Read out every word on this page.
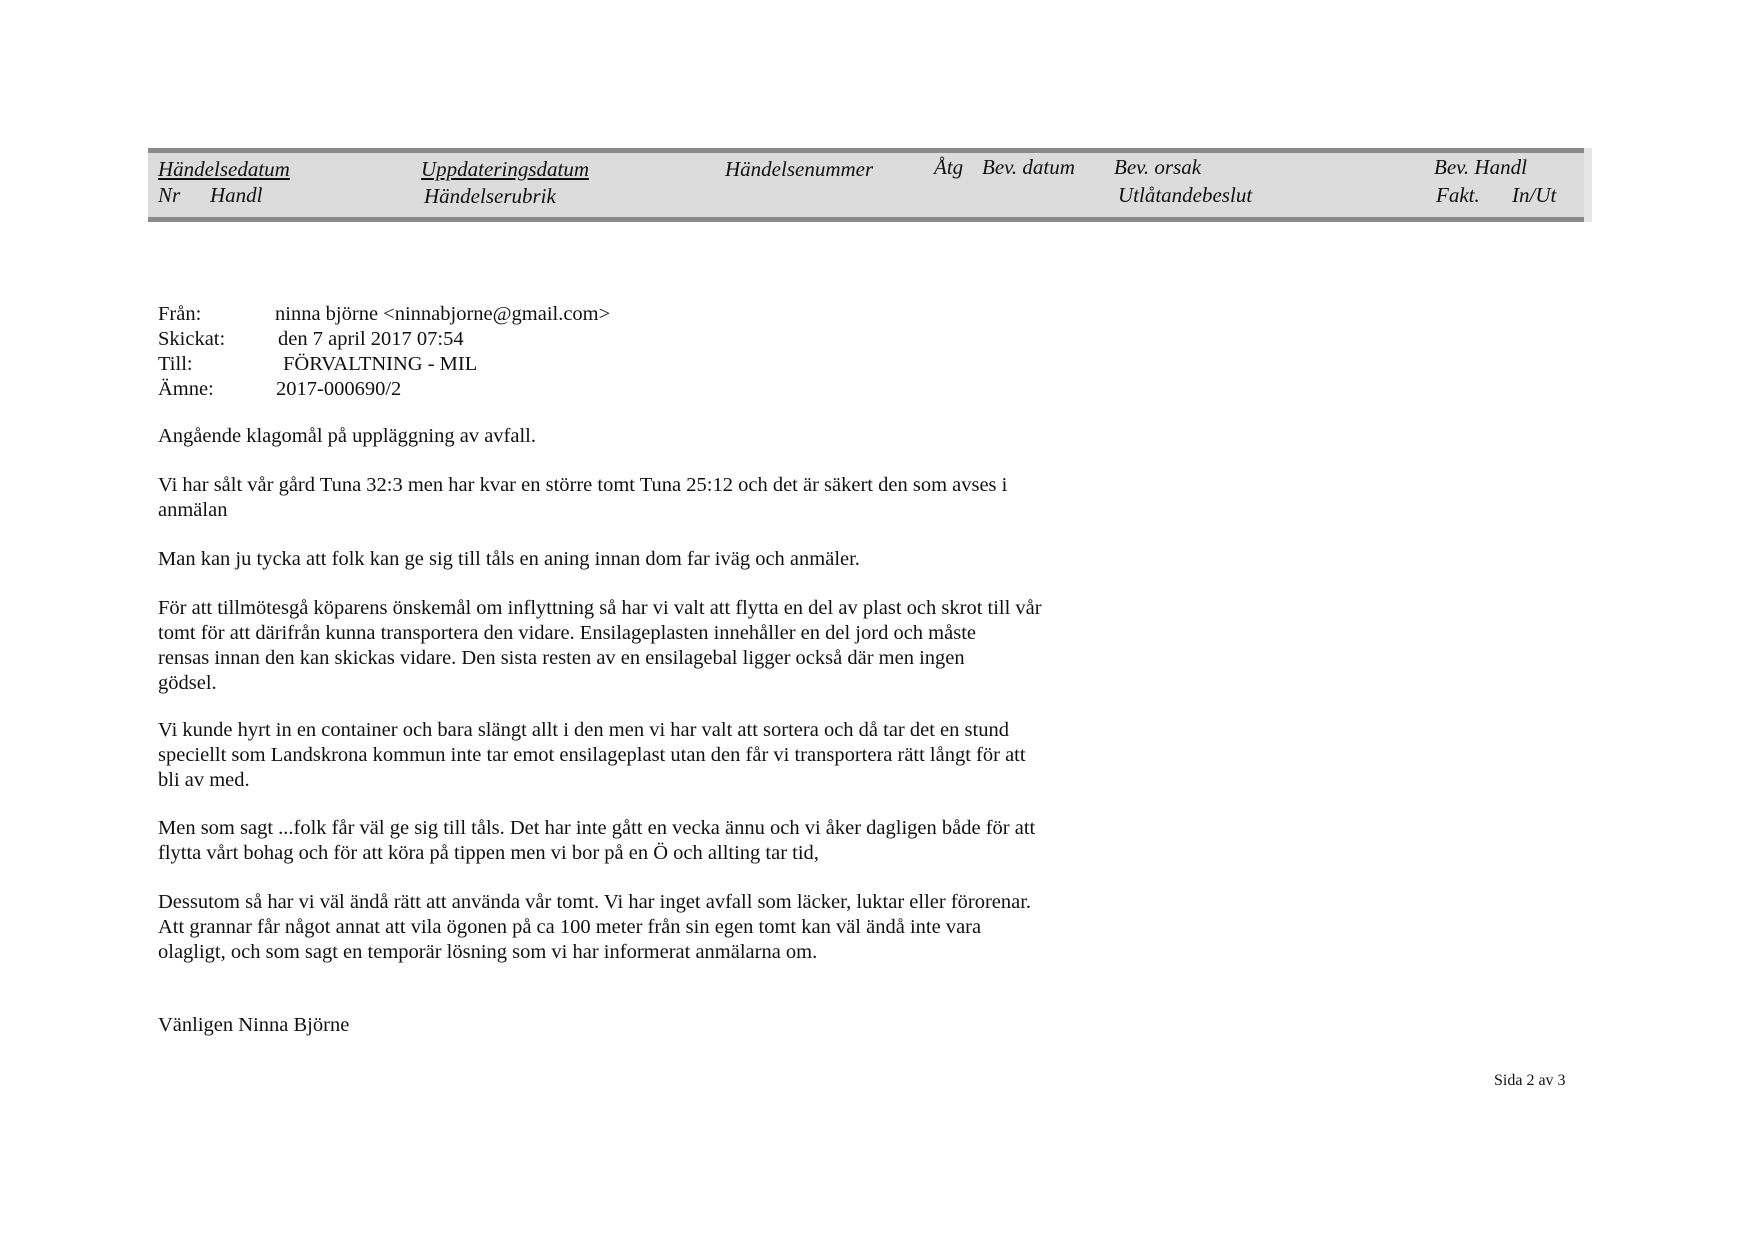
Händelsedatum	Uppdateringsdatum	Händelsenummer	Åtg Bev. datum Bev. orsak	Bev. Handl
Nr Handl	Händelserubrik	Utlåtandebeslut	Fakt. In/Ut
Från:	ninna björne <ninnabjorne@gmail.com>
Skickat:	den 7 april 2017 07:54
Till:	FÖRVALTNING - MIL
Ämne:	2017-000690/2
Angående klagomål på uppläggning av avfall.
Vi har sålt vår gård Tuna 32:3 men har kvar en större tomt Tuna 25:12 och det är säkert den som avses i
anmälan
Man kan ju tycka att folk kan ge sig till tåls en aning innan dom far iväg och anmäler.
För att tillmötesgå köparens önskemål om inflyttning så har vi valt att flytta en del av plast och skrot till vår
tomt för att därifrån kunna transportera den vidare. Ensilageplasten innehåller en del jord och måste
rensas innan den kan skickas vidare. Den sista resten av en ensilagebal ligger också där men ingen
gödsel.
Vi kunde hyrt in en container och bara slängt allt i den men vi har valt att sortera och då tar det en stund
speciellt som Landskrona kommun inte tar emot ensilageplast utan den får vi transportera rätt långt för att
bli av med.
Men som sagt ...folk får väl ge sig till tåls. Det har inte gått en vecka ännu och vi åker dagligen både för att
flytta vårt bohag och för att köra på tippen men vi bor på en Ö och allting tar tid,
Dessutom så har vi väl ändå rätt att använda vår tomt. Vi har inget avfall som läcker, luktar eller förorenar.
Att grannar får något annat att vila ögonen på ca 100 meter från sin egen tomt kan väl ändå inte vara
olagligt, och som sagt en temporär lösning som vi har informerat anmälarna om.
Vänligen Ninna Björne
Sida 2 av 3
